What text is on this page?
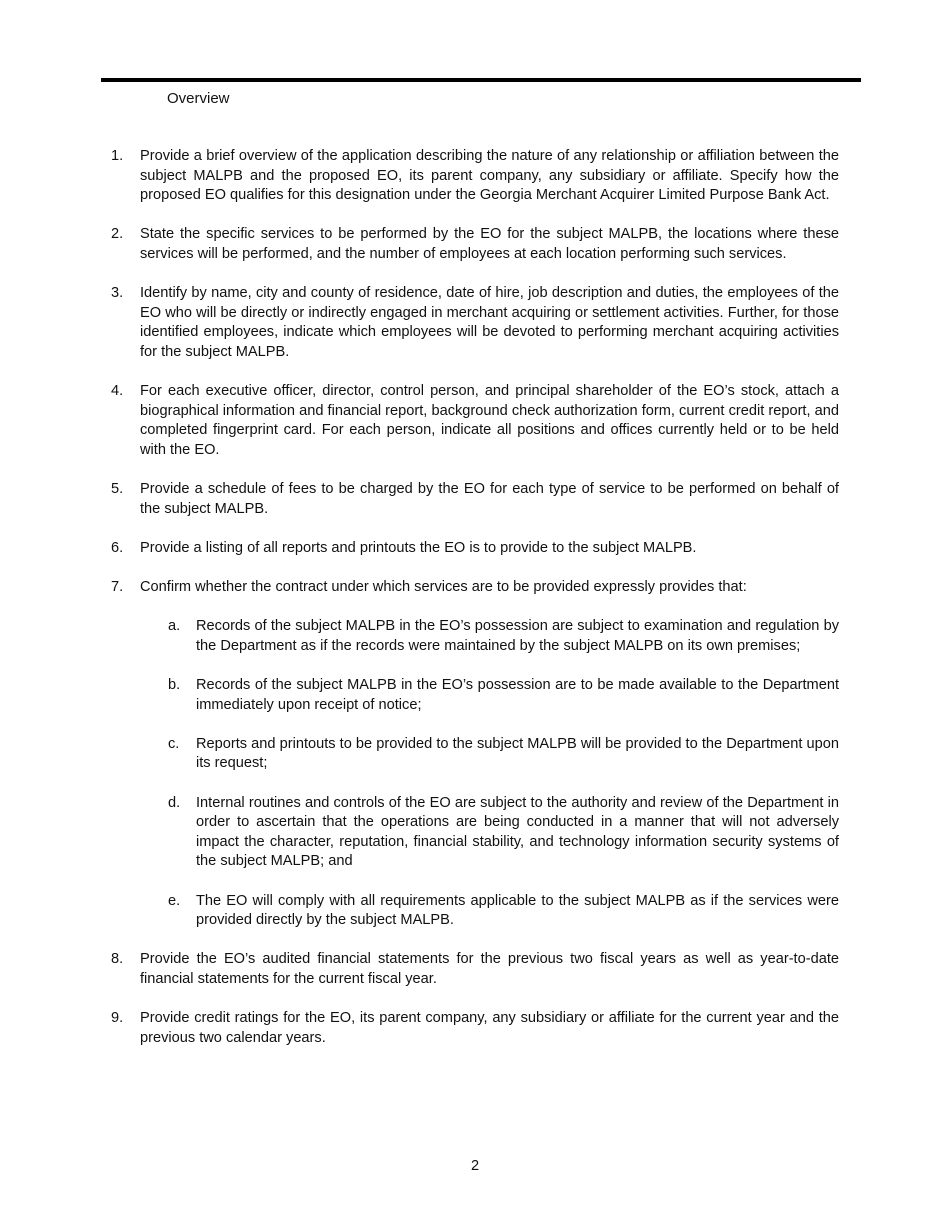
Overview
1. Provide a brief overview of the application describing the nature of any relationship or affiliation between the subject MALPB and the proposed EO, its parent company, any subsidiary or affiliate. Specify how the proposed EO qualifies for this designation under the Georgia Merchant Acquirer Limited Purpose Bank Act.
2. State the specific services to be performed by the EO for the subject MALPB, the locations where these services will be performed, and the number of employees at each location performing such services.
3. Identify by name, city and county of residence, date of hire, job description and duties, the employees of the EO who will be directly or indirectly engaged in merchant acquiring or settlement activities. Further, for those identified employees, indicate which employees will be devoted to performing merchant acquiring activities for the subject MALPB.
4. For each executive officer, director, control person, and principal shareholder of the EO’s stock, attach a biographical information and financial report, background check authorization form, current credit report, and completed fingerprint card. For each person, indicate all positions and offices currently held or to be held with the EO.
5. Provide a schedule of fees to be charged by the EO for each type of service to be performed on behalf of the subject MALPB.
6. Provide a listing of all reports and printouts the EO is to provide to the subject MALPB.
7. Confirm whether the contract under which services are to be provided expressly provides that:
a. Records of the subject MALPB in the EO’s possession are subject to examination and regulation by the Department as if the records were maintained by the subject MALPB on its own premises;
b. Records of the subject MALPB in the EO’s possession are to be made available to the Department immediately upon receipt of notice;
c. Reports and printouts to be provided to the subject MALPB will be provided to the Department upon its request;
d. Internal routines and controls of the EO are subject to the authority and review of the Department in order to ascertain that the operations are being conducted in a manner that will not adversely impact the character, reputation, financial stability, and technology information security systems of the subject MALPB; and
e. The EO will comply with all requirements applicable to the subject MALPB as if the services were provided directly by the subject MALPB.
8. Provide the EO’s audited financial statements for the previous two fiscal years as well as year-to-date financial statements for the current fiscal year.
9. Provide credit ratings for the EO, its parent company, any subsidiary or affiliate for the current year and the previous two calendar years.
2
